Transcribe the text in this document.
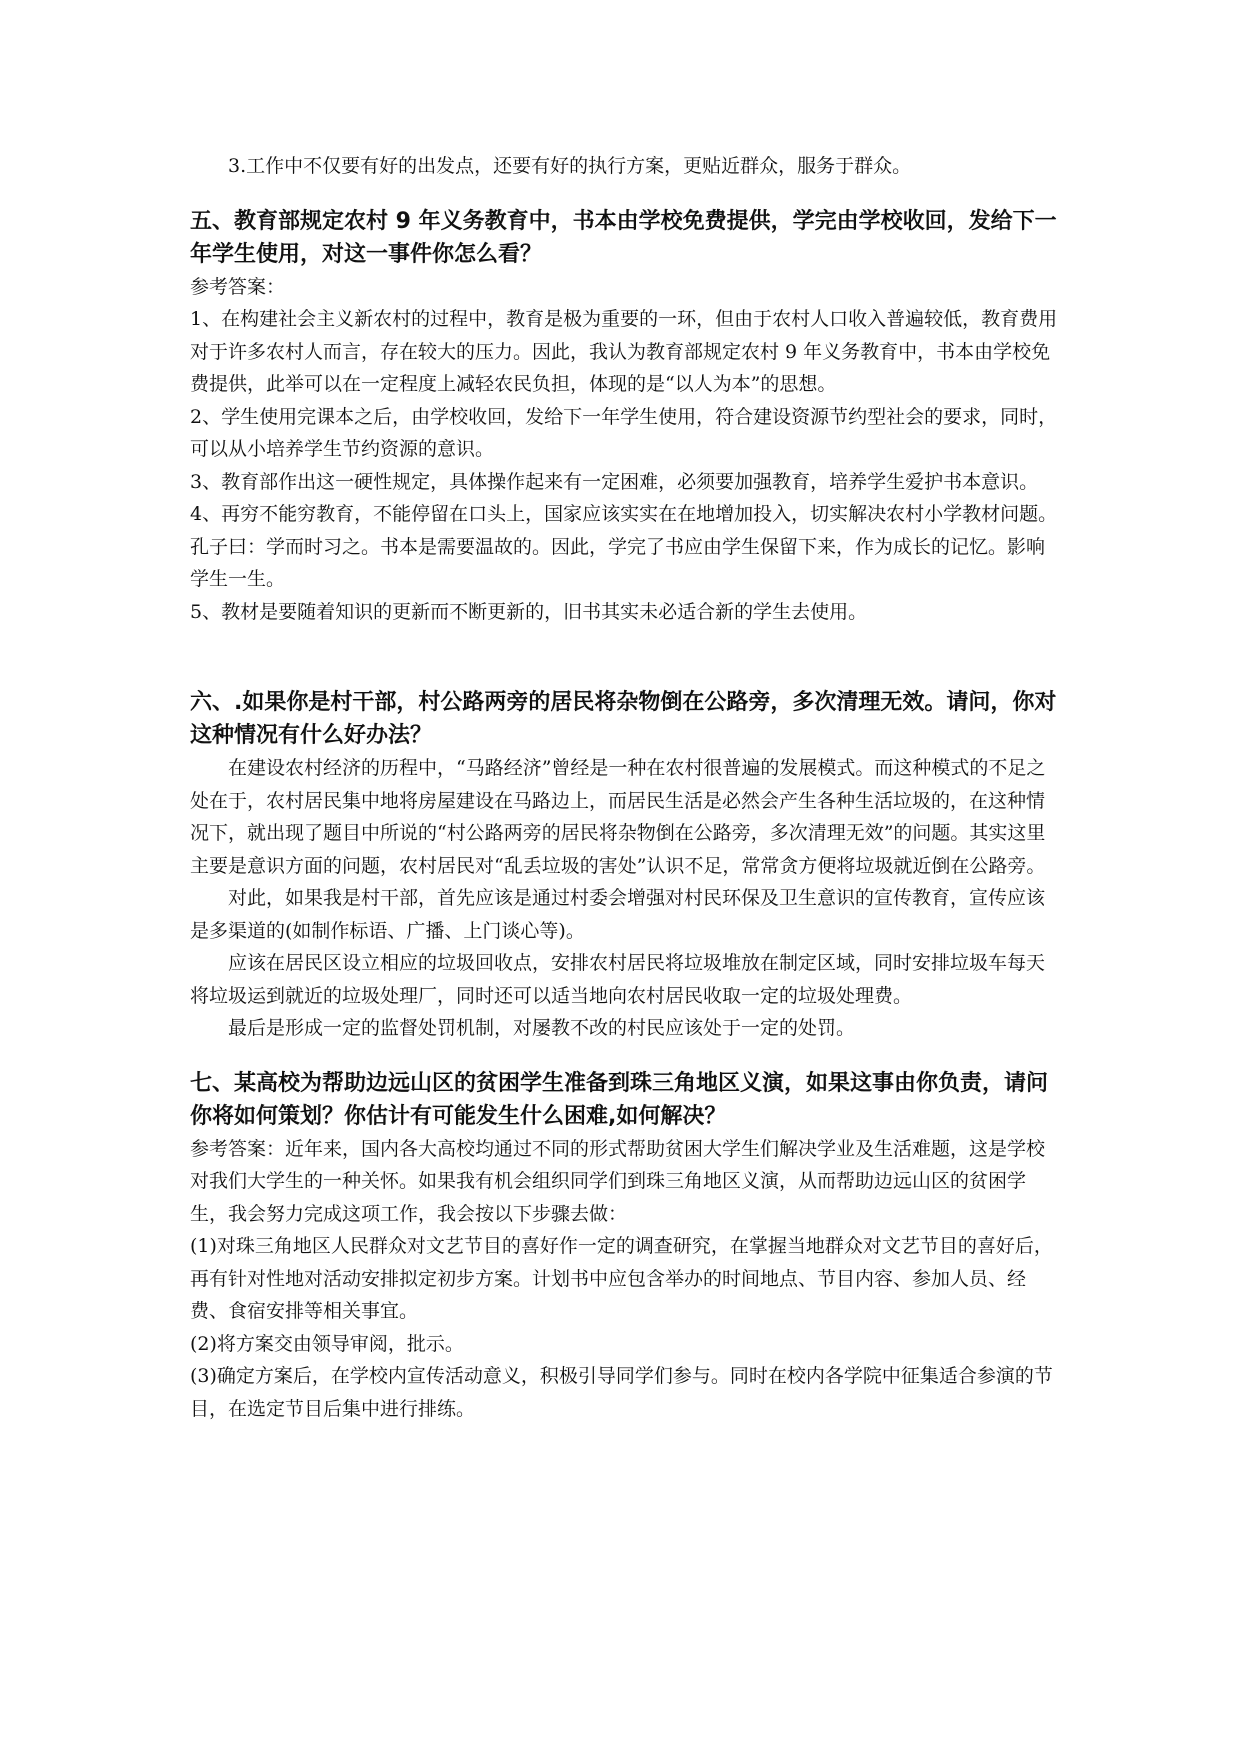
3.工作中不仅要有好的出发点，还要有好的执行方案，更贴近群众，服务于群众。

五、教育部规定农村 9 年义务教育中，书本由学校免费提供，学完由学校收回，发给下一年学生使用，对这一事件你怎么看？

参考答案：

1、在构建社会主义新农村的过程中，教育是极为重要的一环，但由于农村人口收入普遍较低，教育费用对于许多农村人而言，存在较大的压力。因此，我认为教育部规定农村 9 年义务教育中，书本由学校免费提供，此举可以在一定程度上减轻农民负担，体现的是“以人为本”的思想。

2、学生使用完课本之后，由学校收回，发给下一年学生使用，符合建设资源节约型社会的要求，同时，可以从小培养学生节约资源的意识。

3、教育部作出这一硬性规定，具体操作起来有一定困难，必须要加强教育，培养学生爱护书本意识。

4、再穷不能穷教育，不能停留在口头上，国家应该实实在在地增加投入，切实解决农村小学教材问题。孔子曰：学而时习之。书本是需要温故的。因此，学完了书应由学生保留下来，作为成长的记忆。影响学生一生。

5、教材是要随着知识的更新而不断更新的，旧书其实未必适合新的学生去使用。

六、.如果你是村干部，村公路两旁的居民将杂物倒在公路旁，多次清理无效。请问，你对这种情况有什么好办法？

在建设农村经济的历程中，“马路经济”曾经是一种在农村很普遍的发展模式。而这种模式的不足之处在于，农村居民集中地将房屋建设在马路边上，而居民生活是必然会产生各种生活垃圾的，在这种情况下，就出现了题目中所说的“村公路两旁的居民将杂物倒在公路旁，多次清理无效”的问题。其实这里主要是意识方面的问题，农村居民对“乱丢垃圾的害处”认识不足，常常贪方便将垃圾就近倒在公路旁。

对此，如果我是村干部，首先应该是通过村委会增强对村民环保及卫生意识的宣传教育，宣传应该是多渠道的(如制作标语、广播、上门谈心等)。

应该在居民区设立相应的垃圾回收点，安排农村居民将垃圾堆放在制定区域，同时安排垃圾车每天将垃圾运到就近的垃圾处理厂，同时还可以适当地向农村居民收取一定的垃圾处理费。

最后是形成一定的监督处罚机制，对屡教不改的村民应该处于一定的处罚。

七、某高校为帮助边远山区的贫困学生准备到珠三角地区义演，如果这事由你负责，请问你将如何策划？你估计有可能发生什么困难,如何解决？

参考答案：近年来，国内各大高校均通过不同的形式帮助贫困大学生们解决学业及生活难题，这是学校对我们大学生的一种关怀。如果我有机会组织同学们到珠三角地区义演，从而帮助边远山区的贫困学生，我会努力完成这项工作，我会按以下步骤去做：

(1)对珠三角地区人民群众对文艺节目的喜好作一定的调查研究，在掌握当地群众对文艺节目的喜好后，再有针对性地对活动安排拟定初步方案。计划书中应包含举办的时间地点、节目内容、参加人员、经费、食宿安排等相关事宜。

(2)将方案交由领导审阅，批示。

(3)确定方案后，在学校内宣传活动意义，积极引导同学们参与。同时在校内各学院中征集适合参演的节目，在选定节目后集中进行排练。
